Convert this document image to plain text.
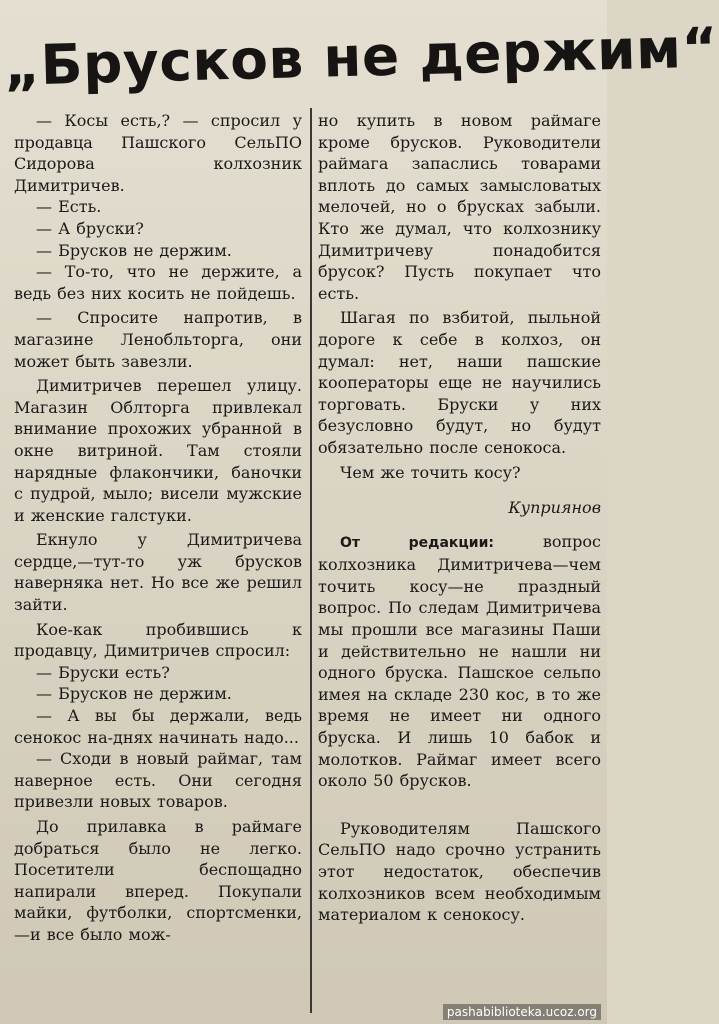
„Брусков не держим“

— Косы есть,? — спросил у продавца Пашского СельПО Сидорова колхозник Димитричев.

— Есть.

— А бруски?

— Брусков не держим.

— То-то, что не держите, а ведь без них косить не пойдешь.

— Спросите напротив, в магазине Ленобльторга, они может быть завезли.

Димитричев перешел улицу. Магазин Облторга привлекал внимание прохожих убранной в окне витриной. Там стояли нарядные флакончики, баночки с пудрой, мыло; висели мужские и женские галстуки.

Екнуло у Димитричева сердце,—тут-то уж брусков наверняка нет. Но все же решил зайти.

Кое-как пробившись к продавцу, Димитричев спросил:

— Бруски есть?

— Брусков не держим.

— А вы бы держали, ведь сенокос на-днях начинать надо...

— Сходи в новый раймаг, там наверное есть. Они сегодня привезли новых товаров.

До прилавка в раймаге добраться было не легко. Посетители беспощадно напирали вперед. Покупали майки, футболки, спортсменки,—и все было мож-

но купить в новом раймаге кроме брусков. Руководители раймага запаслись товарами вплоть до самых замысловатых мелочей, но о брусках забыли. Кто же думал, что колхознику Димитричеву понадобится брусок? Пусть покупает что есть.

Шагая по взбитой, пыльной дороге к себе в колхоз, он думал: нет, наши пашские кооператоры еще не научились торговать. Бруски у них безусловно будут, но будут обязательно после сенокоса.

Чем же точить косу?

Куприянов

От редакции: вопрос колхозника Димитричева—чем точить косу—не праздный вопрос. По следам Димитричева мы прошли все магазины Паши и действительно не нашли ни одного бруска. Пашское сельпо имея на складе 230 кос, в то же время не имеет ни одного бруска. И лишь 10 бабок и молотков. Раймаг имеет всего около 50 брусков.

Руководителям Пашского СельПО надо срочно устранить этот недостаток, обеспечив колхозников всем необходимым материалом к сенокосу.

pashabiblioteka.ucoz.org
